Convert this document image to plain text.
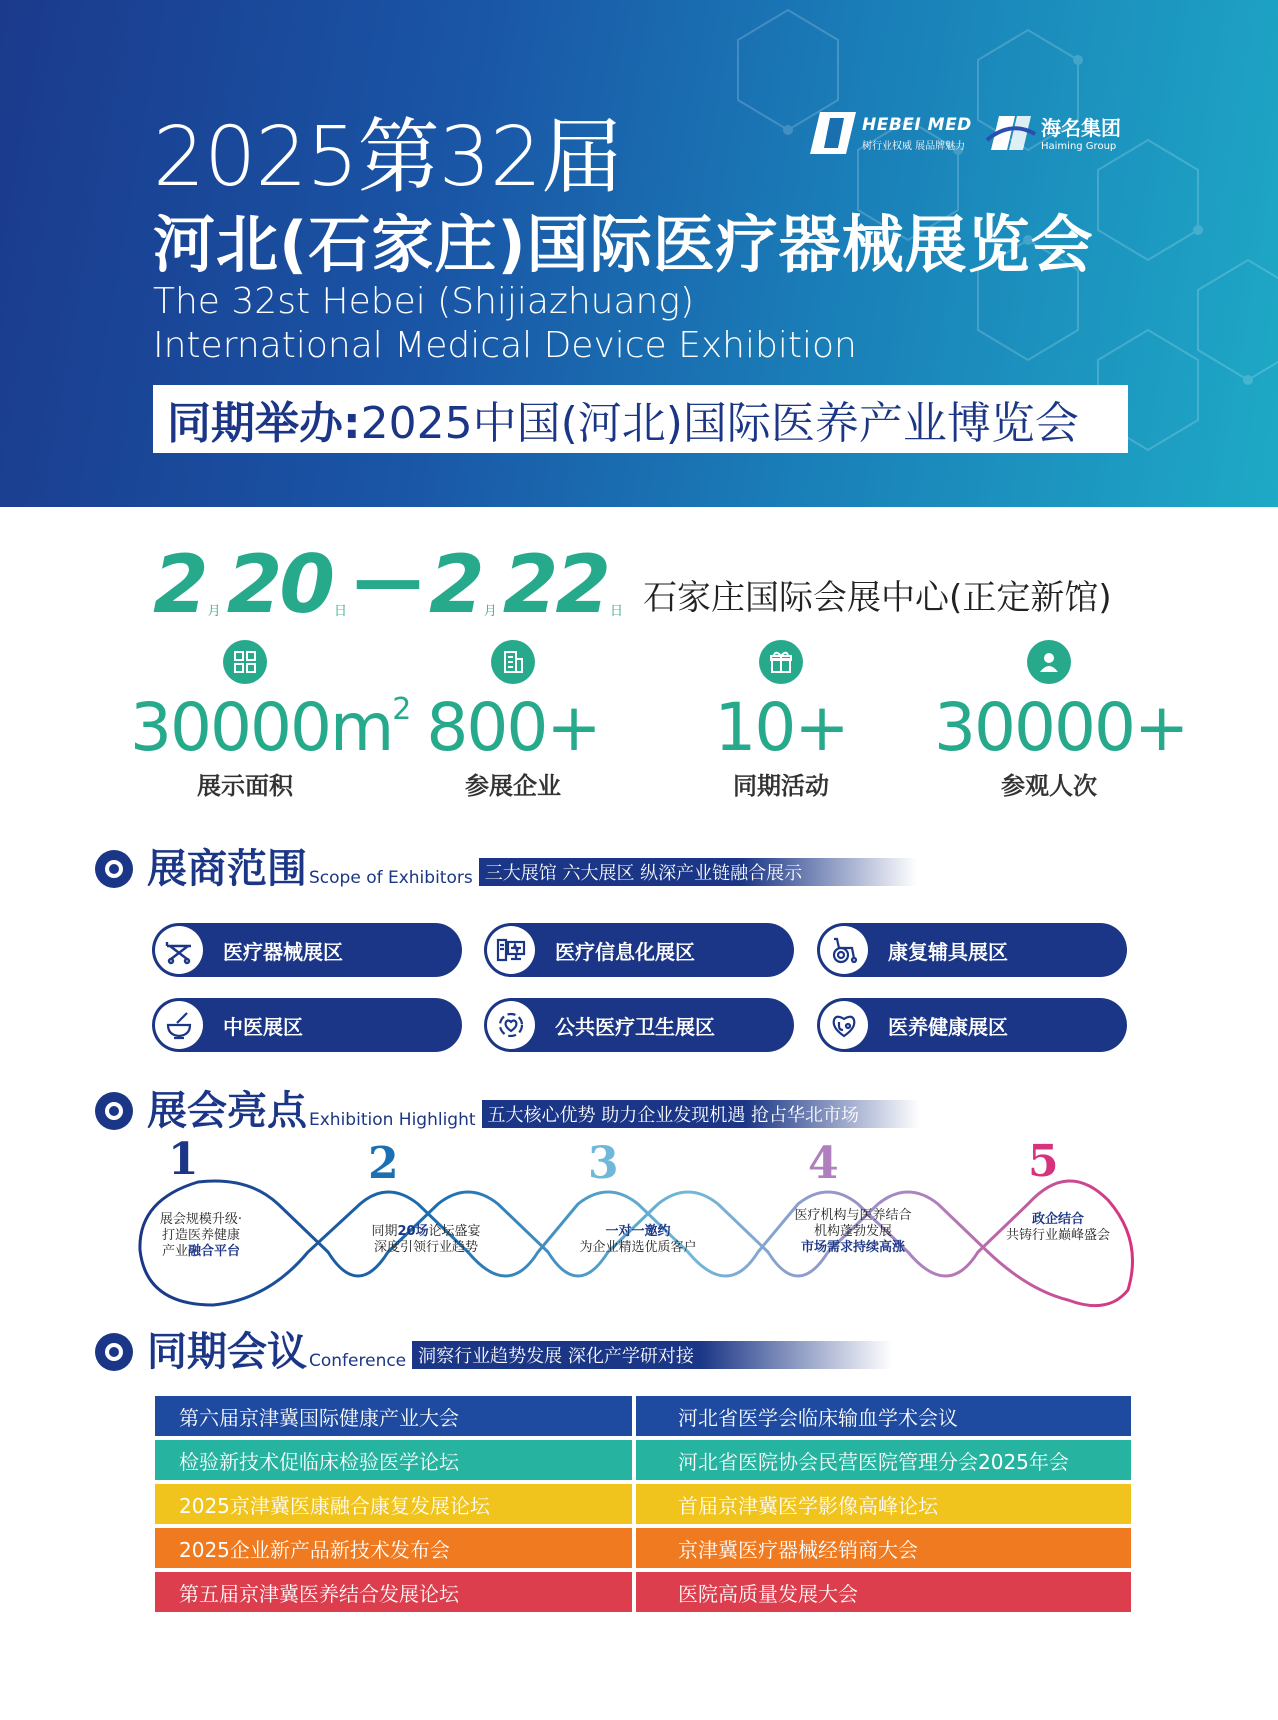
HEBEI MED
树行业权威 展品牌魅力
海名集团
Haiming Group
2025第32届
河北(石家庄)国际医疗器械展览会
The 32st Hebei (Shijiazhuang)
International Medical Device Exhibition
同期举办: 2025中国(河北)国际医养产业博览会
2 月 20 日 — 2 月 22 日 石家庄国际会展中心(正定新馆)
$30000m^2$
展示面积
800+
参展企业
10+
同期活动
30000+
参观人次
展商范围 Scope of Exhibitors 三大展馆 六大展区 纵深产业链融合展示
医疗器械展区	医疗信息化展区	康复辅具展区
中医展区	公共医疗卫生展区	医养健康展区
展会亮点 Exhibition Highlight 五大核心优势 助力企业发现机遇 抢占华北市场
1	2	3	4	5
展会规模升级·
打造医养健康
产业融合平台
同期20场论坛盛宴
深度引领行业趋势
一对一邀约
为企业精选优质客户
医疗机构与医养结合
机构蓬勃发展
市场需求持续高涨
政企结合
共铸行业巅峰盛会
同期会议 Conference 洞察行业趋势发展 深化产学研对接
第六届京津冀国际健康产业大会	河北省医学会临床输血学术会议
检验新技术促临床检验医学论坛	河北省医院协会民营医院管理分会2025年会
2025京津冀医康融合康复发展论坛	首届京津冀医学影像高峰论坛
2025企业新产品新技术发布会	京津冀医疗器械经销商大会
第五届京津冀医养结合发展论坛	医院高质量发展大会
